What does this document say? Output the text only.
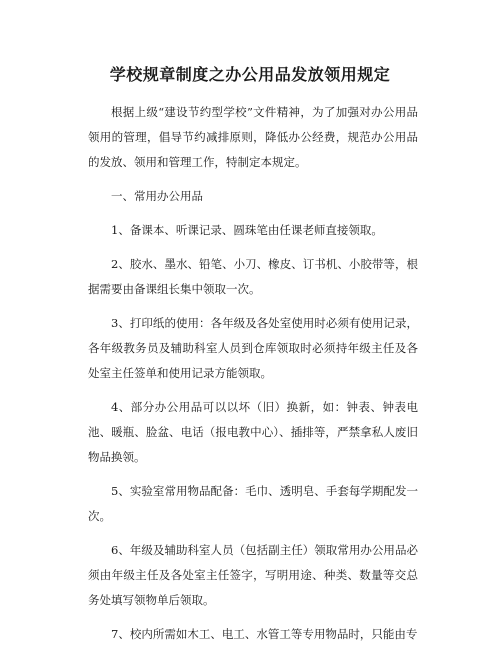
学校规章制度之办公用品发放领用规定

根据上级“建设节约型学校”文件精神，为了加强对办公用品领用的管理，倡导节约减排原则，降低办公经费，规范办公用品的发放、领用和管理工作，特制定本规定。

一、常用办公用品

1、备课本、听课记录、圆珠笔由任课老师直接领取。

2、胶水、墨水、铅笔、小刀、橡皮、订书机、小胶带等，根据需要由备课组长集中领取一次。

3、打印纸的使用：各年级及各处室使用时必须有使用记录，各年级教务员及辅助科室人员到仓库领取时必须持年级主任及各处室主任签单和使用记录方能领取。

4、部分办公用品可以以坏（旧）换新，如：钟表、钟表电池、暖瓶、脸盆、电话（报电教中心）、插排等，严禁拿私人废旧物品换领。

5、实验室常用物品配备：毛巾、透明皂、手套每学期配发一次。

6、年级及辅助科室人员（包括副主任）领取常用办公用品必须由年级主任及各处室主任签字，写明用途、种类、数量等交总务处填写领物单后领取。

7、校内所需如木工、电工、水管工等专用物品时，只能由专
